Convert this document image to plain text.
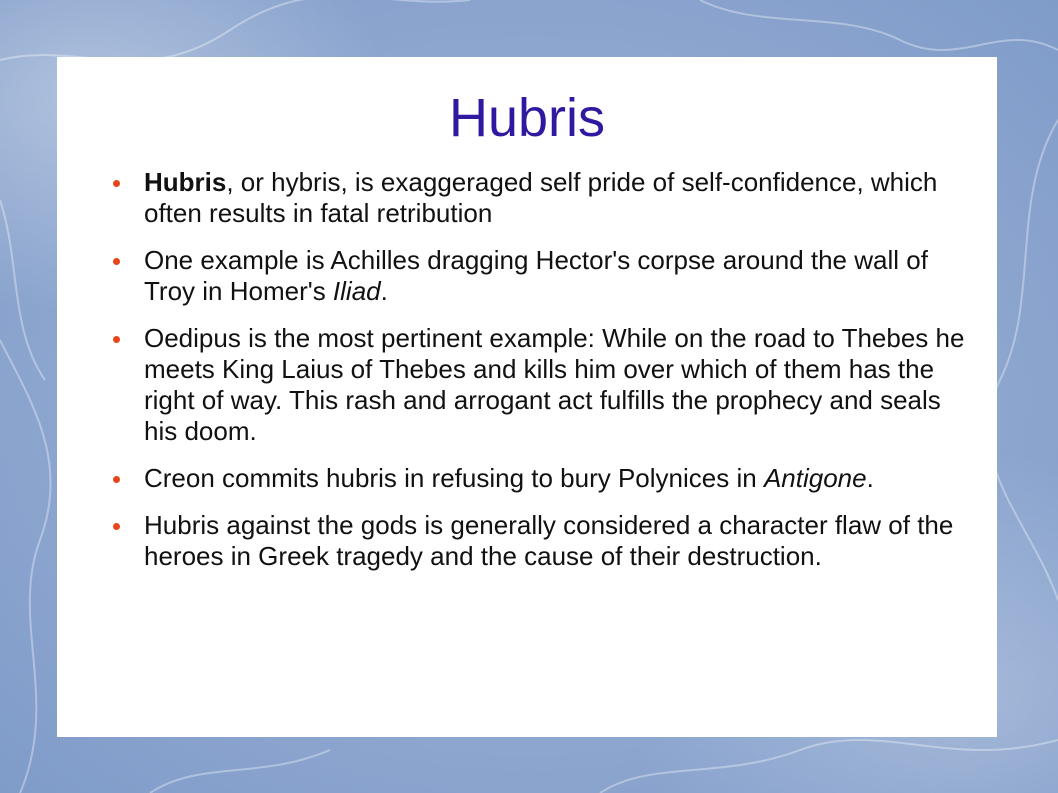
Hubris
Hubris, or hybris, is exaggeraged self pride of self-confidence, which often results in fatal retribution
One example is Achilles dragging Hector's corpse around the wall of Troy in Homer's Iliad.
Oedipus is the most pertinent example: While on the road to Thebes he meets King Laius of Thebes and kills him over which of them has the right of way. This rash and arrogant act fulfills the prophecy and seals his doom.
Creon commits hubris in refusing to bury Polynices in Antigone.
Hubris against the gods is generally considered a character flaw of the heroes in Greek tragedy and the cause of their destruction.
